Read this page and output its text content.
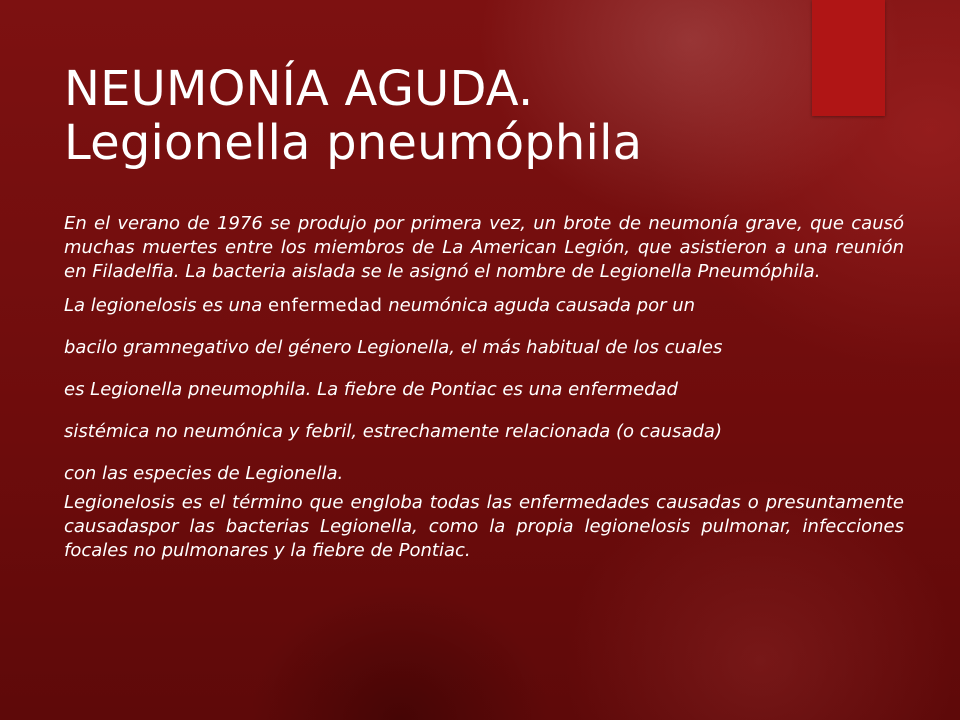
NEUMONÍA AGUDA.
Legionella pneumóphila

En el verano de 1976 se produjo por primera vez, un brote de neumonía grave, que causó muchas muertes entre los miembros de La American Legión, que asistieron a una reunión en Filadelfia. La bacteria aislada se le asignó el nombre de Legionella Pneumóphila.

La legionelosis es una enfermedad neumónica aguda causada por un
bacilo gramnegativo del género Legionella, el más habitual de los cuales
es Legionella pneumophila. La fiebre de Pontiac es una enfermedad
sistémica no neumónica y febril, estrechamente relacionada (o causada)
con las especies de Legionella.

Legionelosis es el término que engloba todas las enfermedades causadas o presuntamente causadaspor las bacterias Legionella, como la propia legionelosis pulmonar, infecciones focales no pulmonares y la fiebre de Pontiac.
